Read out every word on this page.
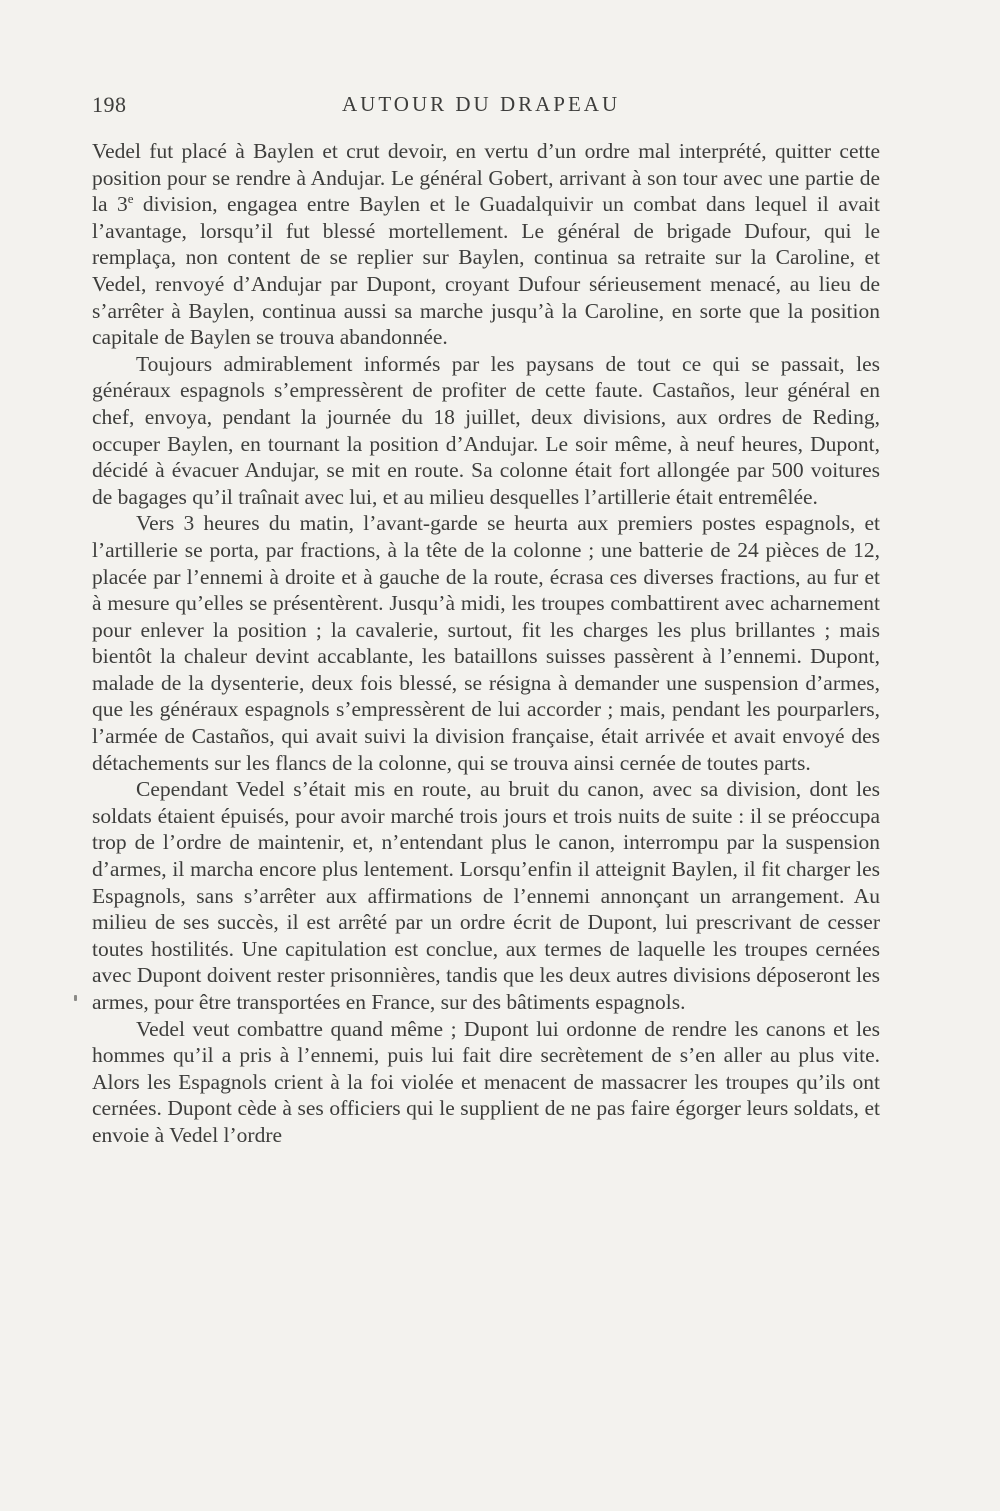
198	AUTOUR DU DRAPEAU

Vedel fut placé à Baylen et crut devoir, en vertu d’un ordre mal interprété, quitter cette position pour se rendre à Andujar. Le général Gobert, arrivant à son tour avec une partie de la 3e division, engagea entre Baylen et le Guadalquivir un combat dans lequel il avait l’avantage, lorsqu’il fut blessé mortellement. Le général de brigade Dufour, qui le remplaça, non content de se replier sur Baylen, continua sa retraite sur la Caroline, et Vedel, renvoyé d’Andujar par Dupont, croyant Dufour sérieusement menacé, au lieu de s’arrêter à Baylen, continua aussi sa marche jusqu’à la Caroline, en sorte que la position capitale de Baylen se trouva abandonnée.

Toujours admirablement informés par les paysans de tout ce qui se passait, les généraux espagnols s’empressèrent de profiter de cette faute. Castaños, leur général en chef, envoya, pendant la journée du 18 juillet, deux divisions, aux ordres de Reding, occuper Baylen, en tournant la position d’Andujar. Le soir même, à neuf heures, Dupont, décidé à évacuer Andujar, se mit en route. Sa colonne était fort allongée par 500 voitures de bagages qu’il traînait avec lui, et au milieu desquelles l’artillerie était entremêlée.

Vers 3 heures du matin, l’avant-garde se heurta aux premiers postes espagnols, et l’artillerie se porta, par fractions, à la tête de la colonne ; une batterie de 24 pièces de 12, placée par l’ennemi à droite et à gauche de la route, écrasa ces diverses fractions, au fur et à mesure qu’elles se présentèrent. Jusqu’à midi, les troupes combattirent avec acharnement pour enlever la position ; la cavalerie, surtout, fit les charges les plus brillantes ; mais bientôt la chaleur devint accablante, les bataillons suisses passèrent à l’ennemi. Dupont, malade de la dysenterie, deux fois blessé, se résigna à demander une suspension d’armes, que les généraux espagnols s’empressèrent de lui accorder ; mais, pendant les pourparlers, l’armée de Castaños, qui avait suivi la division française, était arrivée et avait envoyé des détachements sur les flancs de la colonne, qui se trouva ainsi cernée de toutes parts.

Cependant Vedel s’était mis en route, au bruit du canon, avec sa division, dont les soldats étaient épuisés, pour avoir marché trois jours et trois nuits de suite : il se préoccupa trop de l’ordre de maintenir, et, n’entendant plus le canon, interrompu par la suspension d’armes, il marcha encore plus lentement. Lorsqu’enfin il atteignit Baylen, il fit charger les Espagnols, sans s’arrêter aux affirmations de l’ennemi annonçant un arrangement. Au milieu de ses succès, il est arrêté par un ordre écrit de Dupont, lui prescrivant de cesser toutes hostilités. Une capitulation est conclue, aux termes de laquelle les troupes cernées avec Dupont doivent rester prisonnières, tandis que les deux autres divisions déposeront les armes, pour être transportées en France, sur des bâtiments espagnols.

Vedel veut combattre quand même ; Dupont lui ordonne de rendre les canons et les hommes qu’il a pris à l’ennemi, puis lui fait dire secrètement de s’en aller au plus vite. Alors les Espagnols crient à la foi violée et menacent de massacrer les troupes qu’ils ont cernées. Dupont cède à ses officiers qui le supplient de ne pas faire égorger leurs soldats, et envoie à Vedel l’ordre
